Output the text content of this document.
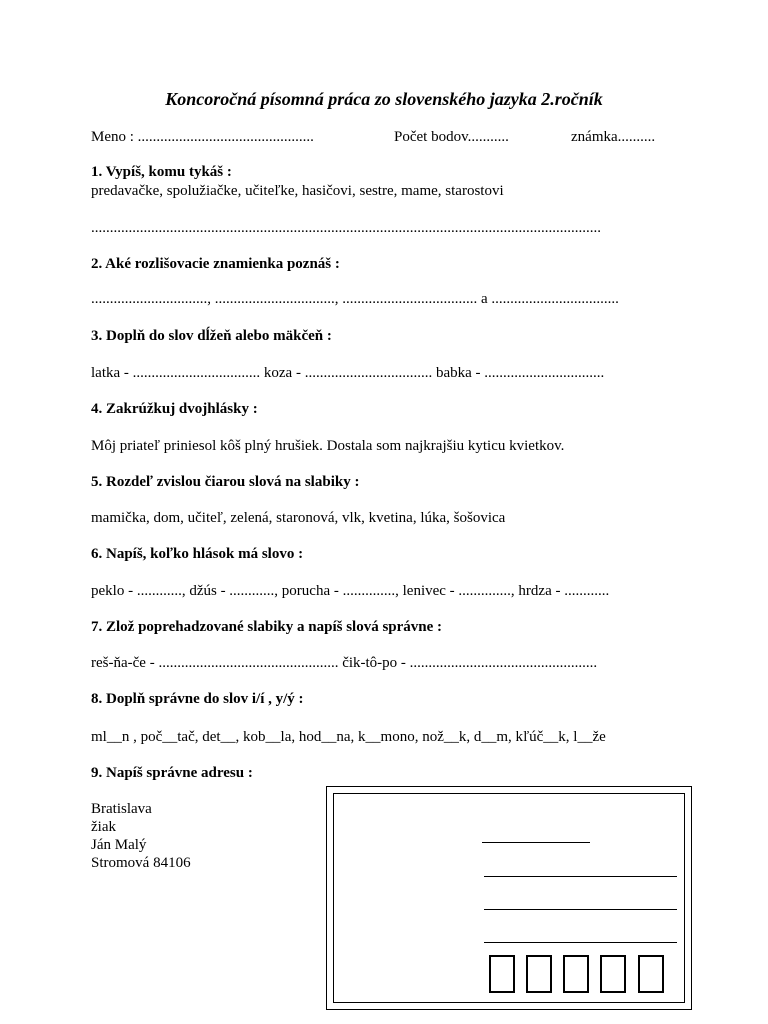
Koncoročná písomná práca zo slovenského jazyka 2.ročník
Meno : ...............................................	Počet bodov...........	známka..........
1. Vypíš, komu tykáš :
predavačke, spolužiačke, učiteľke, hasičovi, sestre, mame, starostovi
........................................................................................................................................
2. Aké rozlišovacie znamienka poznáš :
..............................., ................................, .................................... a ..................................
3. Doplň do slov dĺžeň alebo mäkčeň :
latka - .................................. koza - .................................. babka - ................................
4. Zakrúžkuj dvojhlásky :
Môj priateľ priniesol kôš plný hrušiek. Dostala som najkrajšiu kyticu kvietkov.
5. Rozdeľ zvislou čiarou slová na slabiky :
mamička, dom, učiteľ, zelená, staronová, vlk, kvetina, lúka, šošovica
6. Napíš, koľko hlások má slovo :
peklo - ............, džús - ............, porucha - .............., lenivec - .............., hrdza - ............
7. Zlož poprehadzované slabiky a napíš slová správne :
reš-ňa-če - ................................................ čik-tô-po - ..................................................
8. Doplň správne do slov i/í , y/ý :
ml__n , poč__tač, det__, kob__la, hod__na, k__mono, nož__k, d__m, kľúč__k, l__že
9. Napíš správne adresu :
Bratislava
žiak
Ján Malý
Stromová 84106
